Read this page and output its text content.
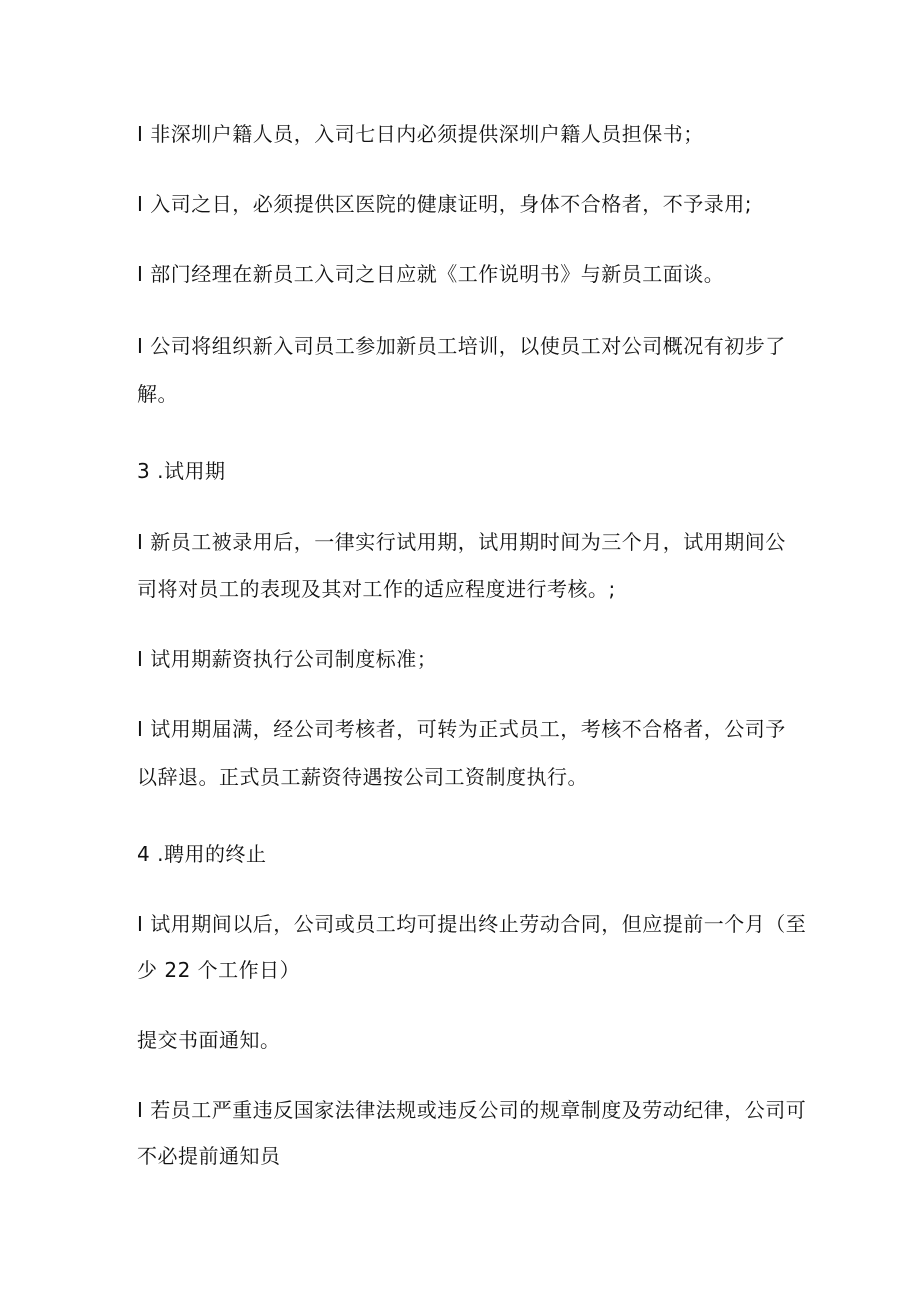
I 非深圳户籍人员，入司七日内必须提供深圳户籍人员担保书；
I 入司之日，必须提供区医院的健康证明，身体不合格者，不予录用;
I 部门经理在新员工入司之日应就《工作说明书》与新员工面谈。
I 公司将组织新入司员工参加新员工培训，以使员工对公司概况有初步了
解。
3 .试用期
I 新员工被录用后，一律实行试用期，试用期时间为三个月，试用期间公
司将对员工的表现及其对工作的适应程度进行考核。;
I 试用期薪资执行公司制度标准；
I 试用期届满，经公司考核者，可转为正式员工，考核不合格者，公司予
以辞退。正式员工薪资待遇按公司工资制度执行。
4 .聘用的终止
I 试用期间以后，公司或员工均可提出终止劳动合同，但应提前一个月（至
少 22 个工作日）
提交书面通知。
I 若员工严重违反国家法律法规或违反公司的规章制度及劳动纪律，公司可
不必提前通知员
